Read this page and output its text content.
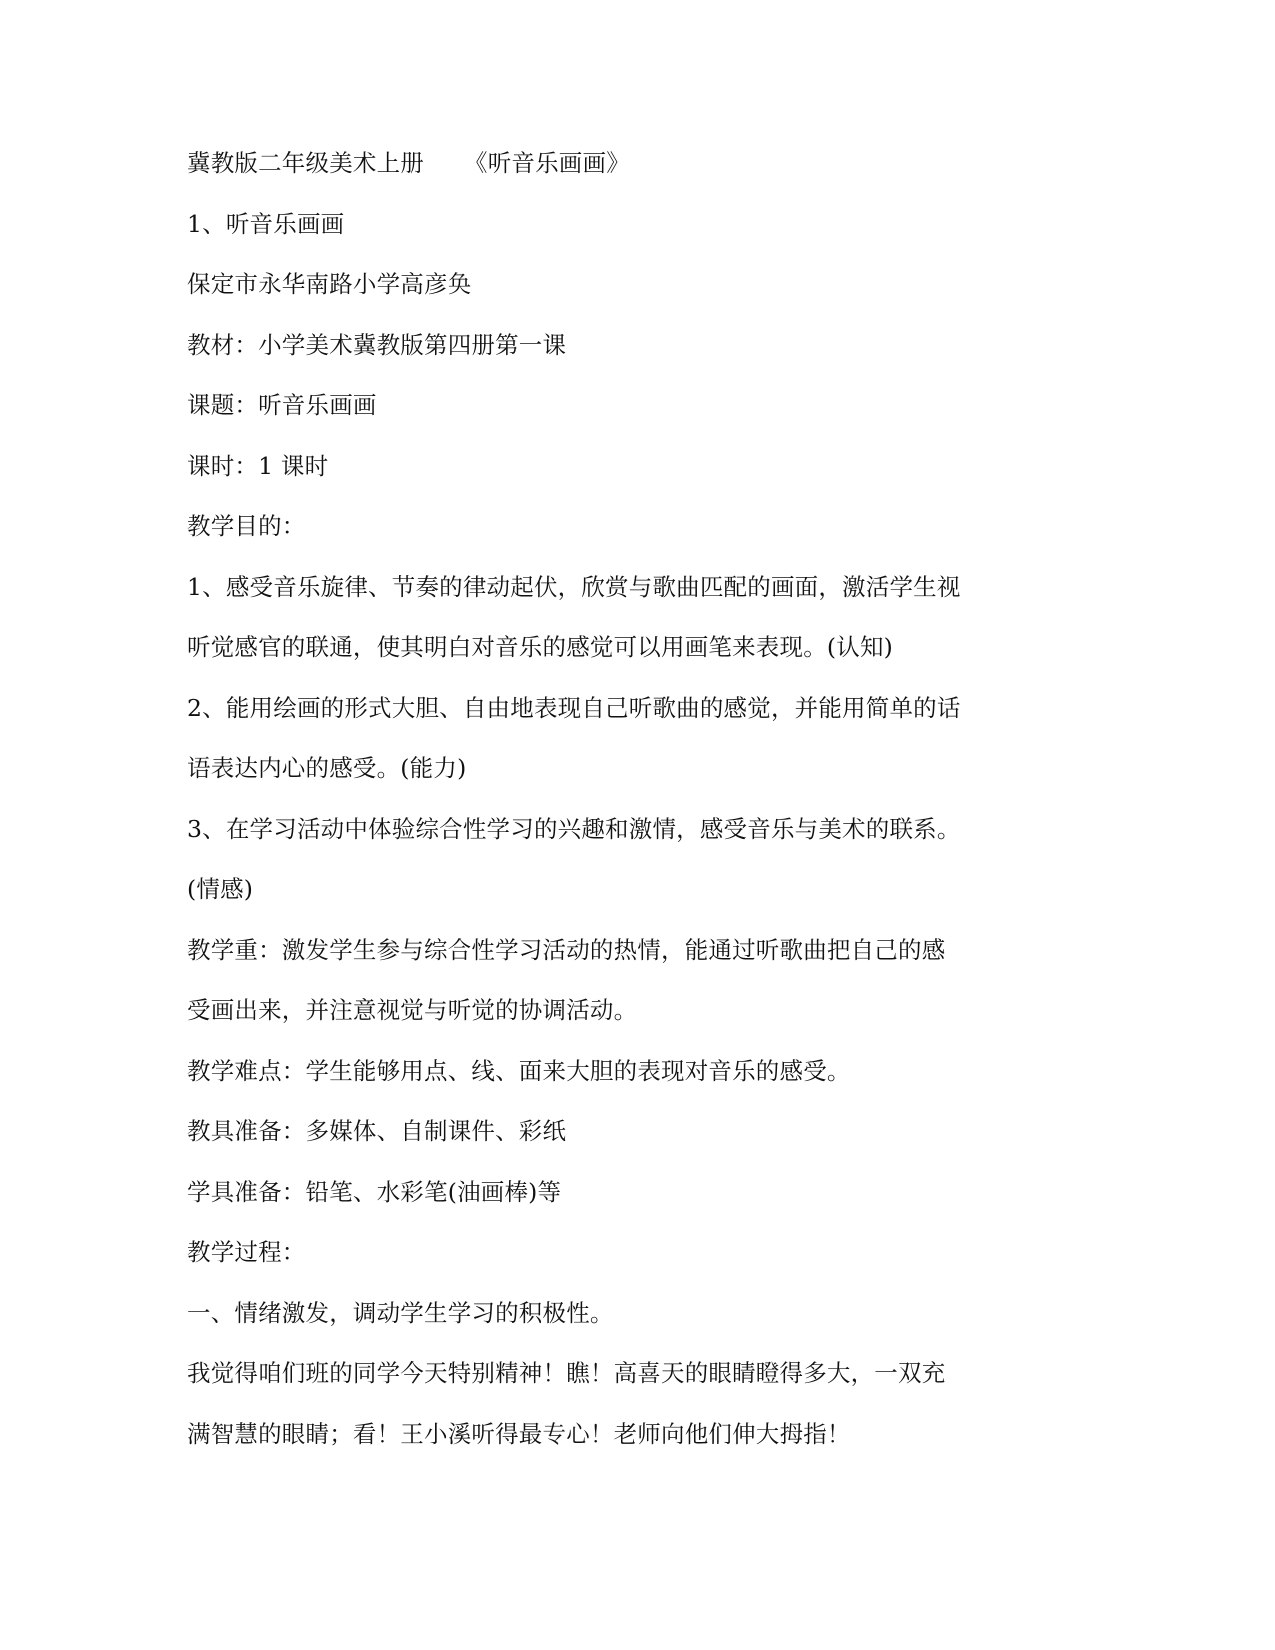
冀教版二年级美术上册 《听音乐画画》
1、听音乐画画
保定市永华南路小学高彦奂
教材：小学美术冀教版第四册第一课
课题：听音乐画画
课时：1 课时
教学目的：
1、感受音乐旋律、节奏的律动起伏，欣赏与歌曲匹配的画面，激活学生视
听觉感官的联通，使其明白对音乐的感觉可以用画笔来表现。(认知)
2、能用绘画的形式大胆、自由地表现自己听歌曲的感觉，并能用简单的话
语表达内心的感受。(能力)
3、在学习活动中体验综合性学习的兴趣和激情，感受音乐与美术的联系。
(情感)
教学重：激发学生参与综合性学习活动的热情，能通过听歌曲把自己的感
受画出来，并注意视觉与听觉的协调活动。
教学难点：学生能够用点、线、面来大胆的表现对音乐的感受。
教具准备：多媒体、自制课件、彩纸
学具准备：铅笔、水彩笔(油画棒)等
教学过程：
一、情绪激发，调动学生学习的积极性。
我觉得咱们班的同学今天特别精神！瞧！高喜天的眼睛瞪得多大，一双充
满智慧的眼睛；看！王小溪听得最专心！老师向他们伸大拇指！
